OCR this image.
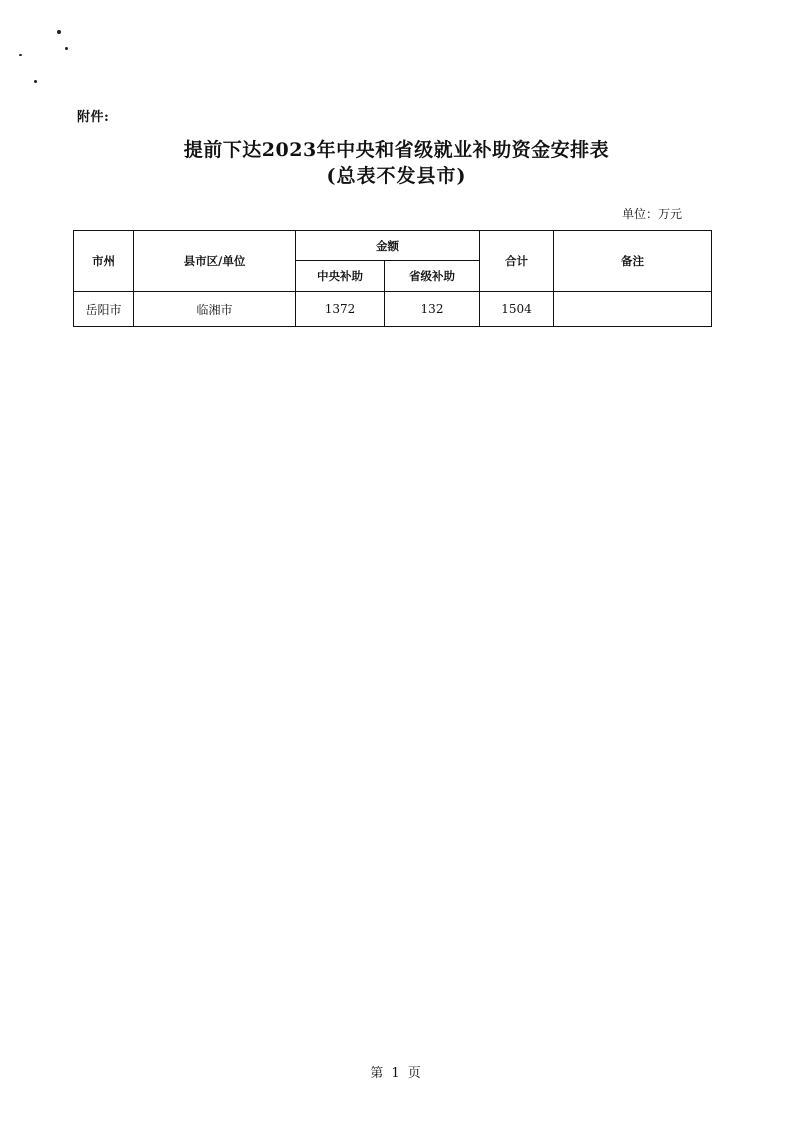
附件:
提前下达2023年中央和省级就业补助资金安排表
(总表不发县市)
单位：万元
市州	县市区/单位	金额		合计	备注
		中央补助	省级补助		
岳阳市	临湘市	1372	132	1504	
第 1 页
